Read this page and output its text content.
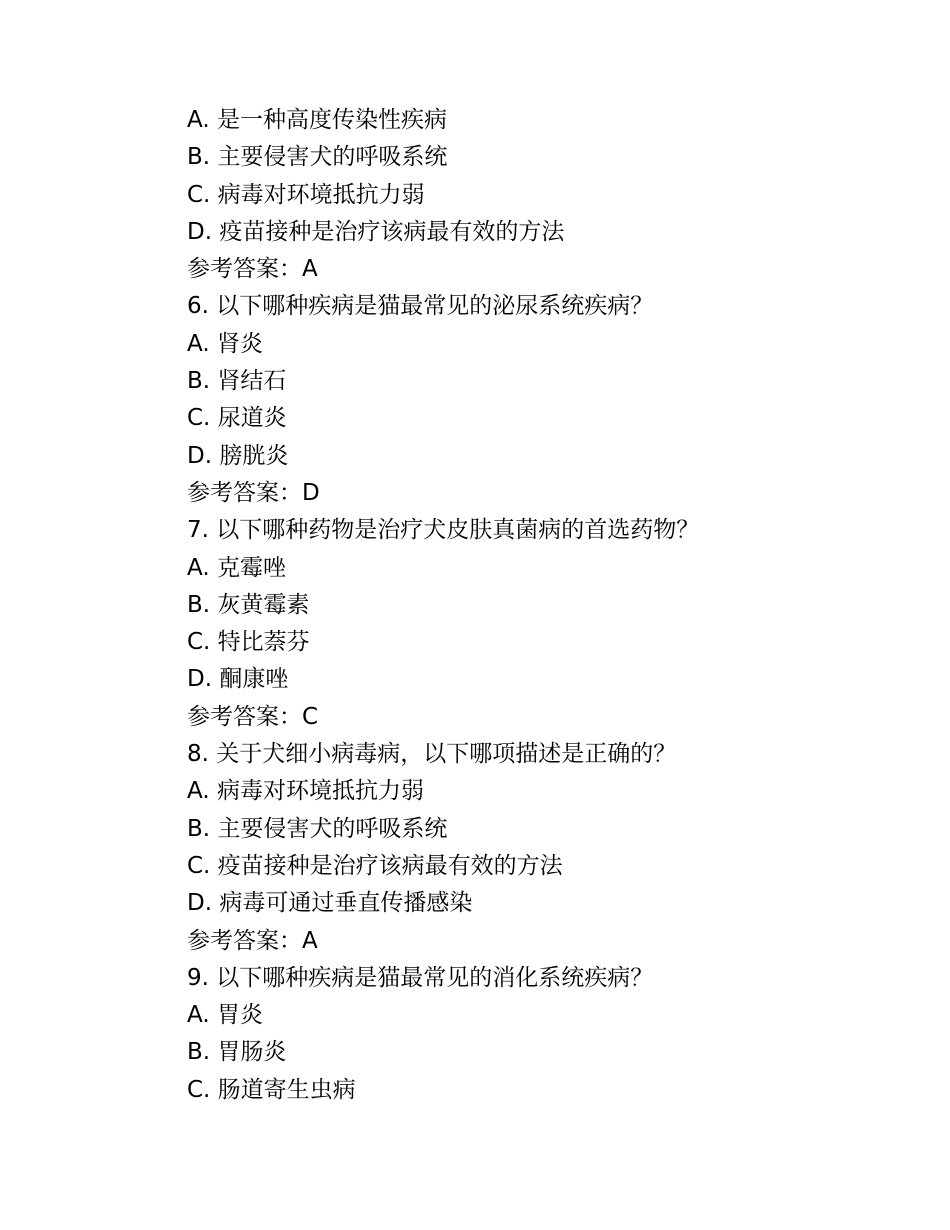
A. 是一种高度传染性疾病
B. 主要侵害犬的呼吸系统
C. 病毒对环境抵抗力弱
D. 疫苗接种是治疗该病最有效的方法
参考答案：A
6. 以下哪种疾病是猫最常见的泌尿系统疾病？
A. 肾炎
B. 肾结石
C. 尿道炎
D. 膀胱炎
参考答案：D
7. 以下哪种药物是治疗犬皮肤真菌病的首选药物？
A. 克霉唑
B. 灰黄霉素
C. 特比萘芬
D. 酮康唑
参考答案：C
8. 关于犬细小病毒病，以下哪项描述是正确的？
A. 病毒对环境抵抗力弱
B. 主要侵害犬的呼吸系统
C. 疫苗接种是治疗该病最有效的方法
D. 病毒可通过垂直传播感染
参考答案：A
9. 以下哪种疾病是猫最常见的消化系统疾病？
A. 胃炎
B. 胃肠炎
C. 肠道寄生虫病
